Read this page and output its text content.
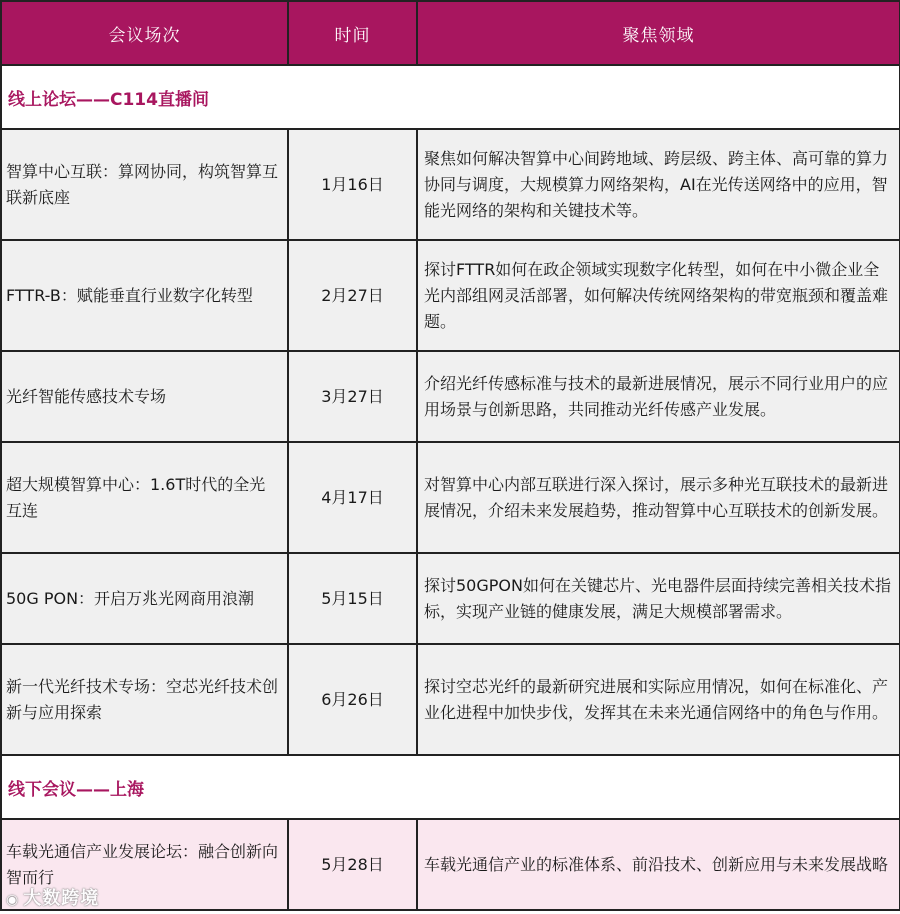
会议场次	时间	聚焦领域
线上论坛——C114直播间		
智算中心互联：算网协同，构筑智算互联新底座	1月16日	聚焦如何解决智算中心间跨地域、跨层级、跨主体、高可靠的算力协同与调度，大规模算力网络架构，AI在光传送网络中的应用，智能光网络的架构和关键技术等。
FTTR-B：赋能垂直行业数字化转型	2月27日	探讨FTTR如何在政企领域实现数字化转型，如何在中小微企业全光内部组网灵活部署，如何解决传统网络架构的带宽瓶颈和覆盖难题。
光纤智能传感技术专场	3月27日	介绍光纤传感标准与技术的最新进展情况，展示不同行业用户的应用场景与创新思路，共同推动光纤传感产业发展。
超大规模智算中心：1.6T时代的全光互连	4月17日	对智算中心内部互联进行深入探讨，展示多种光互联技术的最新进展情况，介绍未来发展趋势，推动智算中心互联技术的创新发展。
50G PON：开启万兆光网商用浪潮	5月15日	探讨50GPON如何在关键芯片、光电器件层面持续完善相关技术指标，实现产业链的健康发展，满足大规模部署需求。
新一代光纤技术专场：空芯光纤技术创新与应用探索	6月26日	探讨空芯光纤的最新研究进展和实际应用情况，如何在标准化、产业化进程中加快步伐，发挥其在未来光通信网络中的角色与作用。
线下会议——上海		
车载光通信产业发展论坛：融合创新向智而行	5月28日	车载光通信产业的标准体系、前沿技术、创新应用与未来发展战略
◉ 大数跨境
